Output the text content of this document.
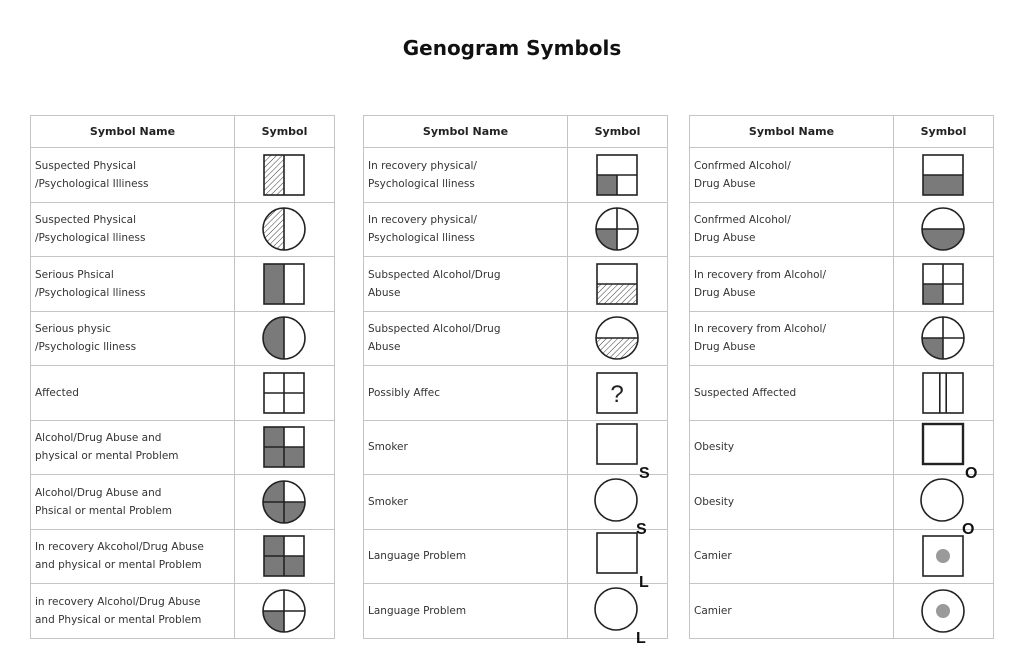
Genogram Symbols
Symbol Name	Symbol

Suspected Physical
/Psychological Illiness

Suspected Physical
/Psychological lliness

Serious Phsical
/Psychological lliness

Serious physic
/Psychologic lliness

Affected

Alcohol/Drug Abuse and
physical or mental Problem

Alcohol/Drug Abuse and
Phsical or mental Problem

In recovery Akcohol/Drug Abuse
and physical or mental Problem

in recovery Alcohol/Drug Abuse
and Physical or mental Problem

Symbol Name	Symbol

In recovery physical/
Psychological lliness

In recovery physical/
Psychological lliness

Subspected Alcohol/Drug
Abuse

Subspected Alcohol/Drug
Abuse

Possibly Affec	?

Smoker	S

Smoker	S

Language Problem	L

Language Problem	L
Symbol Name	Symbol

Confrmed Alcohol/
Drug Abuse

Confrmed Alcohol/
Drug Abuse

In recovery from Alcohol/
Drug Abuse

In recovery from Alcohol/
Drug Abuse

Suspected Affected

Obesity	O

Obesity	O

Camier

Camier
